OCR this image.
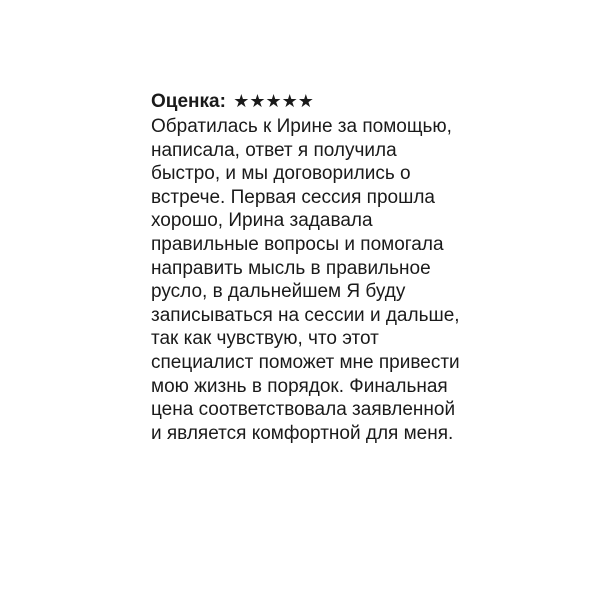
Оценка: ★★★★★

Обратилась к Ирине за помощью, написала, ответ я получила быстро, и мы договорились о встрече. Первая сессия прошла хорошо, Ирина задавала правильные вопросы и помогала направить мысль в правильное русло, в дальнейшем Я буду записываться на сессии и дальше, так как чувствую, что этот специалист поможет мне привести мою жизнь в порядок. Финальная цена соответствовала заявленной и является комфортной для меня.
